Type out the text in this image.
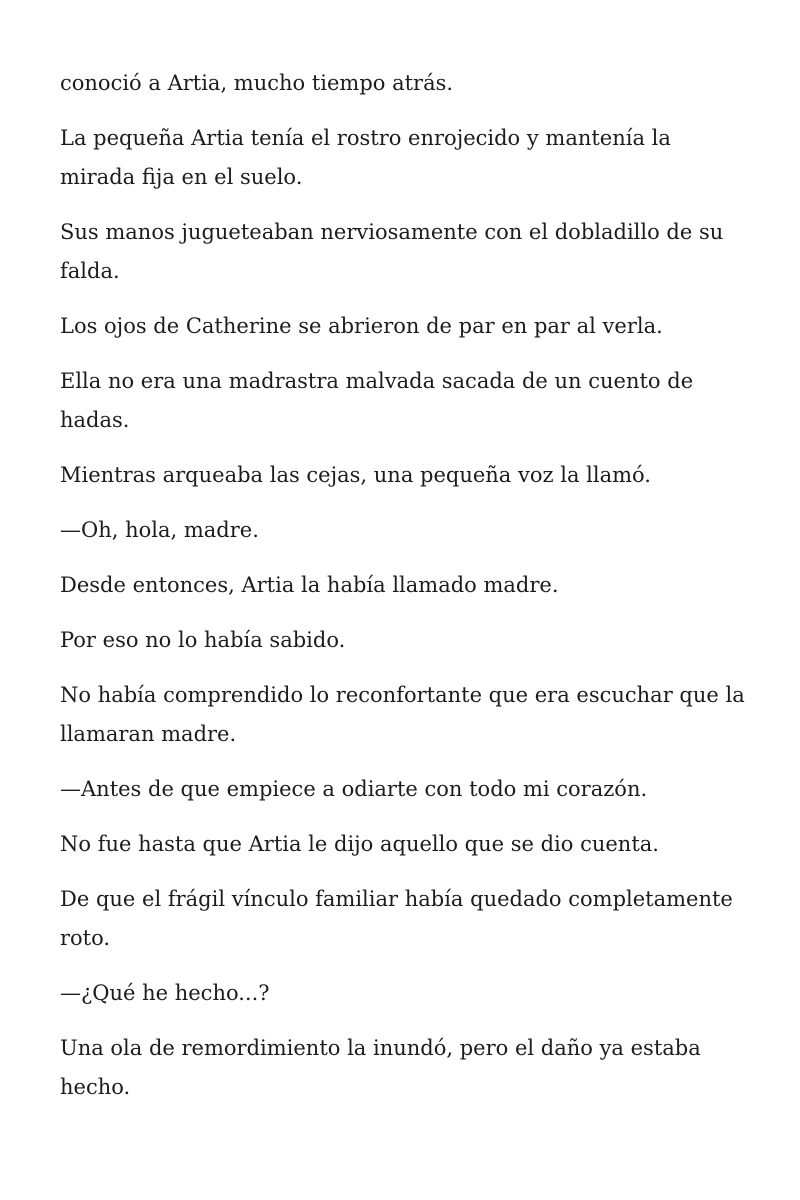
conoció a Artia, mucho tiempo atrás.

La pequeña Artia tenía el rostro enrojecido y mantenía la mirada fija en el suelo.

Sus manos jugueteaban nerviosamente con el dobladillo de su falda.

Los ojos de Catherine se abrieron de par en par al verla.

Ella no era una madrastra malvada sacada de un cuento de hadas.

Mientras arqueaba las cejas, una pequeña voz la llamó.

—Oh, hola, madre.

Desde entonces, Artia la había llamado madre.

Por eso no lo había sabido.

No había comprendido lo reconfortante que era escuchar que la llamaran madre.

—Antes de que empiece a odiarte con todo mi corazón.

No fue hasta que Artia le dijo aquello que se dio cuenta.

De que el frágil vínculo familiar había quedado completamente roto.

—¿Qué he hecho...?

Una ola de remordimiento la inundó, pero el daño ya estaba hecho.
